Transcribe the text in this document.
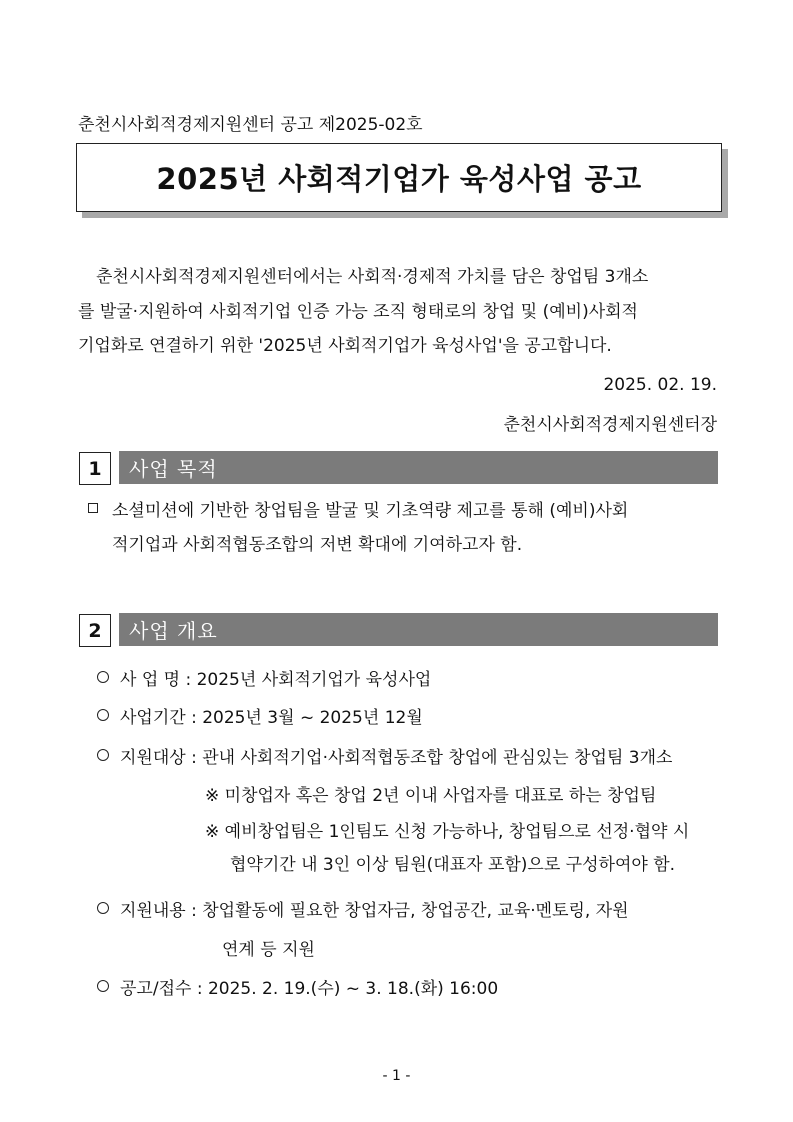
춘천시사회적경제지원센터 공고 제2025-02호
2025년 사회적기업가 육성사업 공고
춘천시사회적경제지원센터에서는 사회적·경제적 가치를 담은 창업팀 3개소
를 발굴·지원하여 사회적기업 인증 가능 조직 형태로의 창업 및 (예비)사회적
기업화로 연결하기 위한 '2025년 사회적기업가 육성사업'을 공고합니다.
2025. 02. 19.
춘천시사회적경제지원센터장
1	사업 목적
소셜미션에 기반한 창업팀을 발굴 및 기초역량 제고를 통해 (예비)사회
적기업과 사회적협동조합의 저변 확대에 기여하고자 함.
2	사업 개요
사 업 명 : 2025년 사회적기업가 육성사업
사업기간 : 2025년 3월 ~ 2025년 12월
지원대상 : 관내 사회적기업·사회적협동조합 창업에 관심있는 창업팀 3개소
※ 미창업자 혹은 창업 2년 이내 사업자를 대표로 하는 창업팀
※ 예비창업팀은 1인팀도 신청 가능하나, 창업팀으로 선정·협약 시
협약기간 내 3인 이상 팀원(대표자 포함)으로 구성하여야 함.
지원내용 : 창업활동에 필요한 창업자금, 창업공간, 교육·멘토링, 자원
연계 등 지원
공고/접수 : 2025. 2. 19.(수) ~ 3. 18.(화) 16:00
- 1 -
